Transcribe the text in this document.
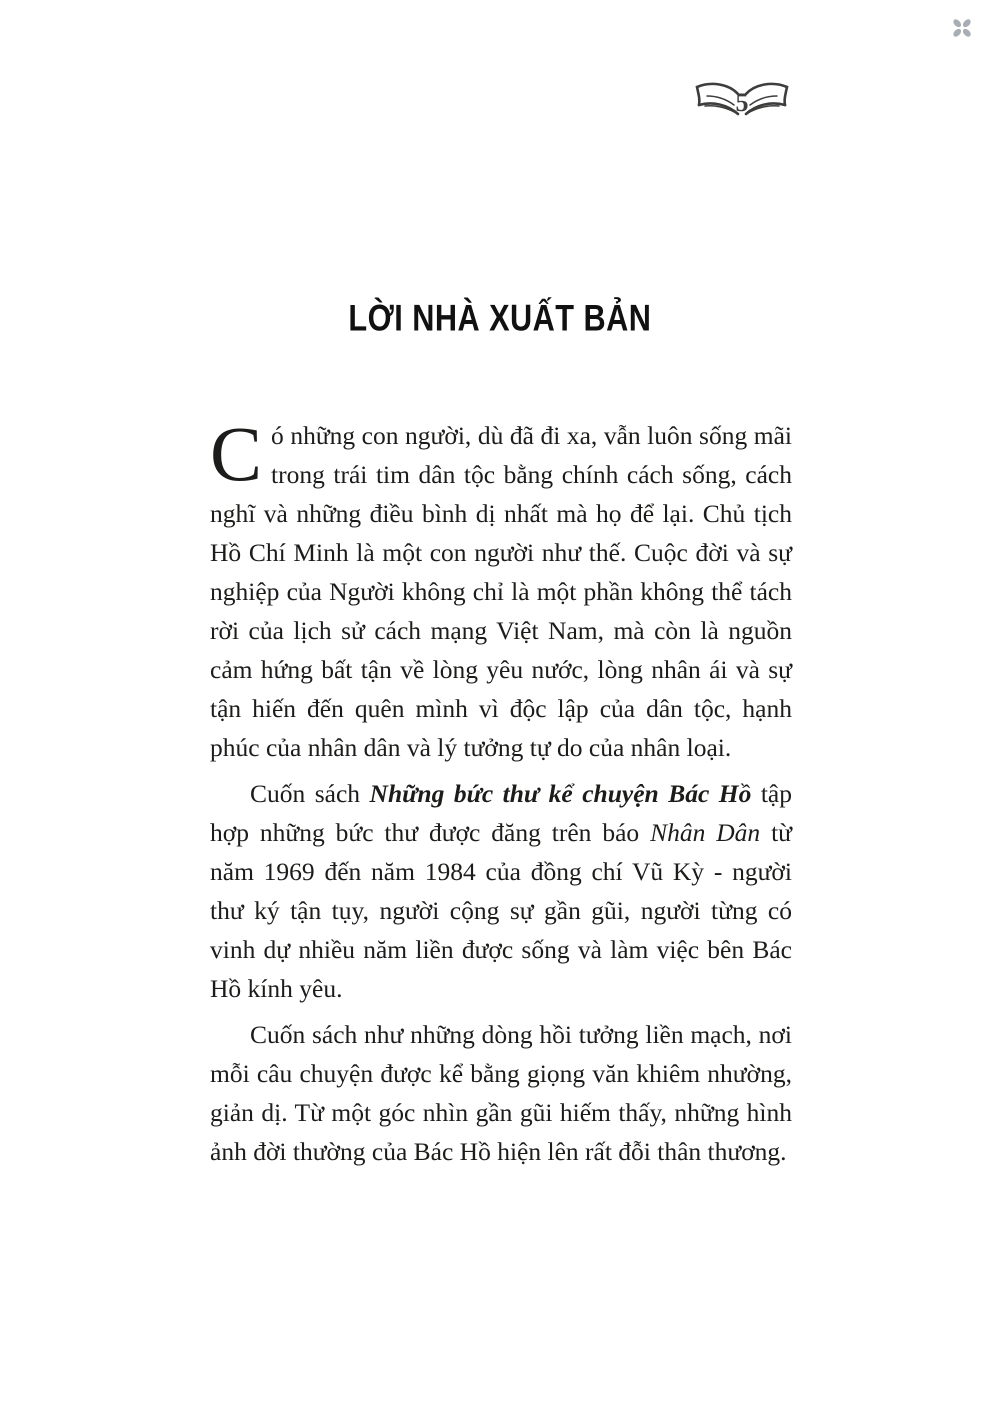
5
LỜI NHÀ XUẤT BẢN

Có những con người, dù đã đi xa, vẫn luôn sống mãi trong trái tim dân tộc bằng chính cách sống, cách nghĩ và những điều bình dị nhất mà họ để lại. Chủ tịch Hồ Chí Minh là một con người như thế. Cuộc đời và sự nghiệp của Người không chỉ là một phần không thể tách rời của lịch sử cách mạng Việt Nam, mà còn là nguồn cảm hứng bất tận về lòng yêu nước, lòng nhân ái và sự tận hiến đến quên mình vì độc lập của dân tộc, hạnh phúc của nhân dân và lý tưởng tự do của nhân loại.

Cuốn sách Những bức thư kể chuyện Bác Hồ tập hợp những bức thư được đăng trên báo Nhân Dân từ năm 1969 đến năm 1984 của đồng chí Vũ Kỳ - người thư ký tận tụy, người cộng sự gần gũi, người từng có vinh dự nhiều năm liền được sống và làm việc bên Bác Hồ kính yêu.

Cuốn sách như những dòng hồi tưởng liền mạch, nơi mỗi câu chuyện được kể bằng giọng văn khiêm nhường, giản dị. Từ một góc nhìn gần gũi hiếm thấy, những hình ảnh đời thường của Bác Hồ hiện lên rất đỗi thân thương.
